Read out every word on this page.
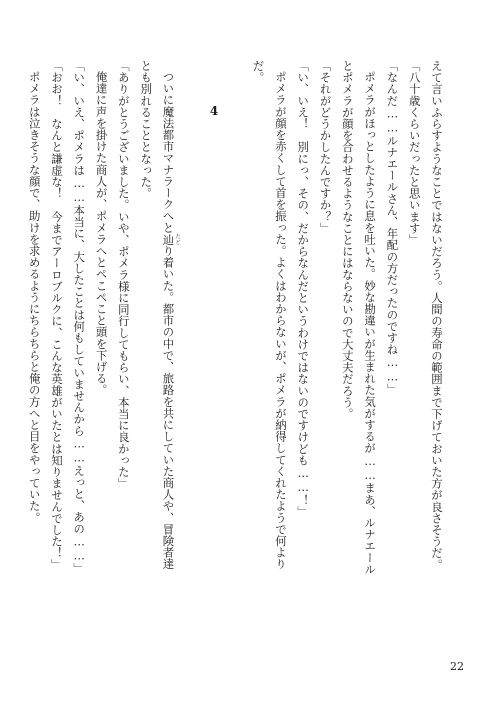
えて言いふらすようなことではないだろう。人間の寿命の範囲まで下げておいた方が良さそうだ。
「八十歳くらいだったと思います」
「なんだ……ルナエールさん、年配の方だったのですね……」
ポメラがほっとしたように息を吐いた。妙な勘違いが生まれた気がするが……まあ、ルナエール
とポメラが顔を合わせるようなことにはならないので大丈夫だろう。
「それがどうかしたんですか？」
「い、いえ！　別にっ、その、だからなんだというわけではないのですけども……！」
ポメラが顔を赤くして首を振った。よくはわからないが、ポメラが納得してくれたようで何より
だ。
4
ついに魔法都市マナラークへと辿 たどり着いた。都市の中で、旅路を共にしていた商人や、冒険者達
とも別れることとなった。
「ありがとうございました。いや、ポメラ様に同行してもらい、本当に良かった」
俺達に声を掛けた商人が、ポメラへとペこペこと頭を下げる。
「い、いえ、ポメラは……本当に、大したことは何もしていませんから……えっと、あの……」
「おお！　なんと謙虚な！　今までアーロブルクに、こんな英雄がいたとは知りませんでした！」
ポメラは泣きそうな顔で、助けを求めるようにちらちらと俺の方へと目をやっていた。
22
